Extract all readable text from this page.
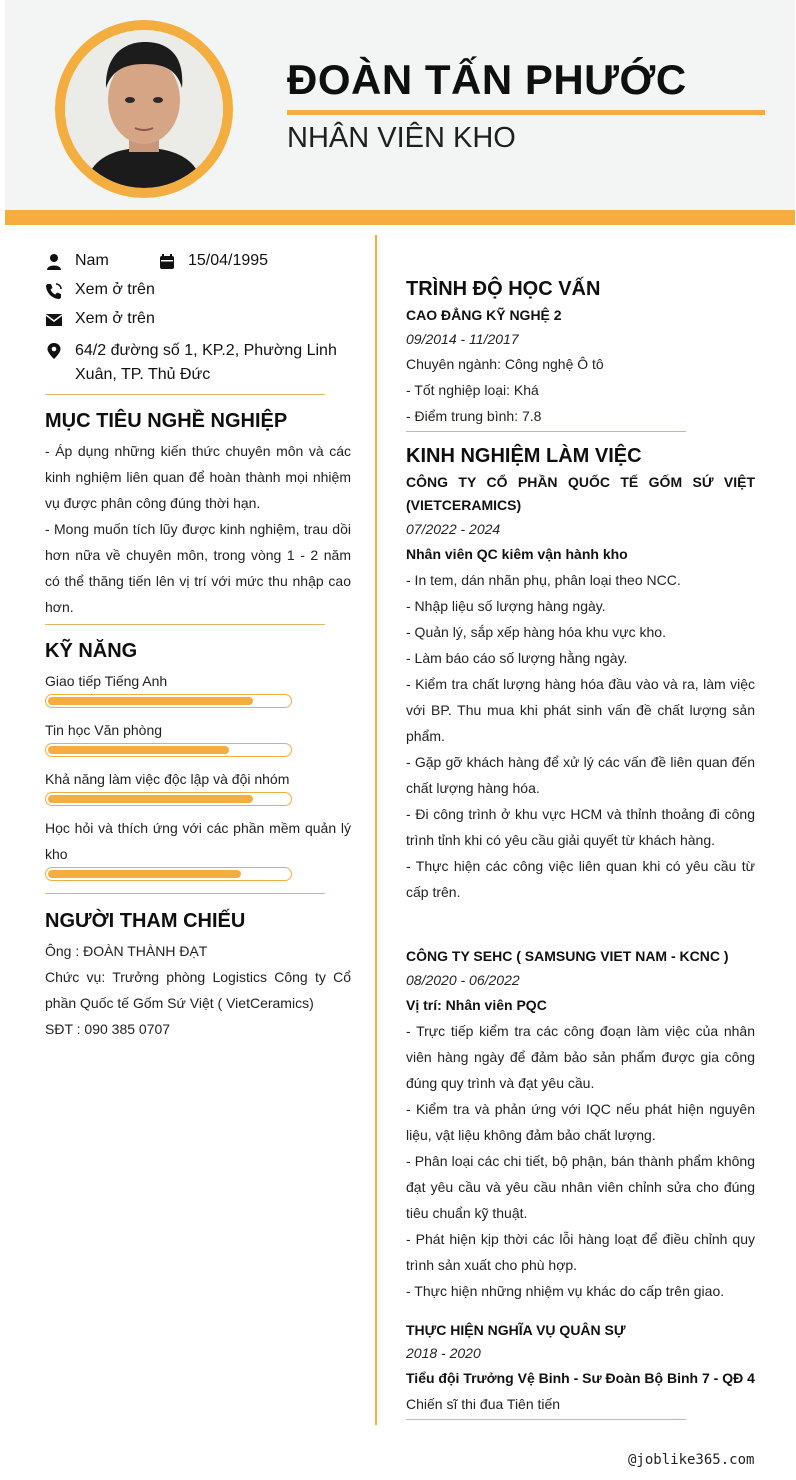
ĐOÀN TẤN PHƯỚC
NHÂN VIÊN KHO
Nam	15/04/1995
Xem ở trên
Xem ở trên
64/2 đường số 1, KP.2, Phường Linh Xuân, TP. Thủ Đức
MỤC TIÊU NGHỀ NGHIỆP

- Áp dụng những kiến thức chuyên môn và các kinh nghiệm liên quan để hoàn thành mọi nhiệm vụ được phân công đúng thời hạn.

- Mong muốn tích lũy được kinh nghiệm, trau dồi hơn nữa về chuyên môn, trong vòng 1 - 2 năm có thể thăng tiến lên vị trí với mức thu nhập cao hơn.

KỸ NĂNG
Giao tiếp Tiếng Anh
Tin học Văn phòng
Khả năng làm việc độc lập và đội nhóm
Học hỏi và thích ứng với các phần mềm quản lý kho
NGƯỜI THAM CHIẾU

Ông : ĐOÀN THÀNH ĐẠT

Chức vụ: Trưởng phòng Logistics Công ty Cổ phần Quốc tế Gốm Sứ Việt ( VietCeramics)

SĐT : 090 385 0707

TRÌNH ĐỘ HỌC VẤN
CAO ĐẲNG KỸ NGHỆ 2
09/2014 - 11/2017

Chuyên ngành: Công nghệ Ô tô

- Tốt nghiệp loại: Khá

- Điểm trung bình: 7.8

KINH NGHIỆM LÀM VIỆC
CÔNG TY CỔ PHẦN QUỐC TẾ GỐM SỨ VIỆT (VIETCERAMICS)
07/2022 - 2024
Nhân viên QC kiêm vận hành kho

- In tem, dán nhãn phụ, phân loại theo NCC.

- Nhập liệu số lượng hàng ngày.

- Quản lý, sắp xếp hàng hóa khu vực kho.

- Làm báo cáo số lượng hằng ngày.

- Kiểm tra chất lượng hàng hóa đầu vào và ra, làm việc với BP. Thu mua khi phát sinh vấn đề chất lượng sản phẩm.

- Gặp gỡ khách hàng để xử lý các vấn đề liên quan đến chất lượng hàng hóa.

- Đi công trình ở khu vực HCM và thỉnh thoảng đi công trình tỉnh khi có yêu cầu giải quyết từ khách hàng.

- Thực hiện các công việc liên quan khi có yêu cầu từ cấp trên.

CÔNG TY SEHC ( SAMSUNG VIET NAM - KCNC )
08/2020 - 06/2022
Vị trí: Nhân viên PQC

- Trực tiếp kiểm tra các công đoạn làm việc của nhân viên hàng ngày để đảm bảo sản phẩm được gia công đúng quy trình và đạt yêu cầu.

- Kiểm tra và phản ứng với IQC nếu phát hiện nguyên liệu, vật liệu không đảm bảo chất lượng.

- Phân loại các chi tiết, bộ phận, bán thành phẩm không đạt yêu cầu và yêu cầu nhân viên chỉnh sửa cho đúng tiêu chuẩn kỹ thuật.

- Phát hiện kịp thời các lỗi hàng loạt để điều chỉnh quy trình sản xuất cho phù hợp.

- Thực hiện những nhiệm vụ khác do cấp trên giao.

THỰC HIỆN NGHĨA VỤ QUÂN SỰ
2018 - 2020
Tiểu đội Trưởng Vệ Binh - Sư Đoàn Bộ Binh 7 - QĐ 4
Chiến sĩ thi đua Tiên tiến
@joblike365.com
